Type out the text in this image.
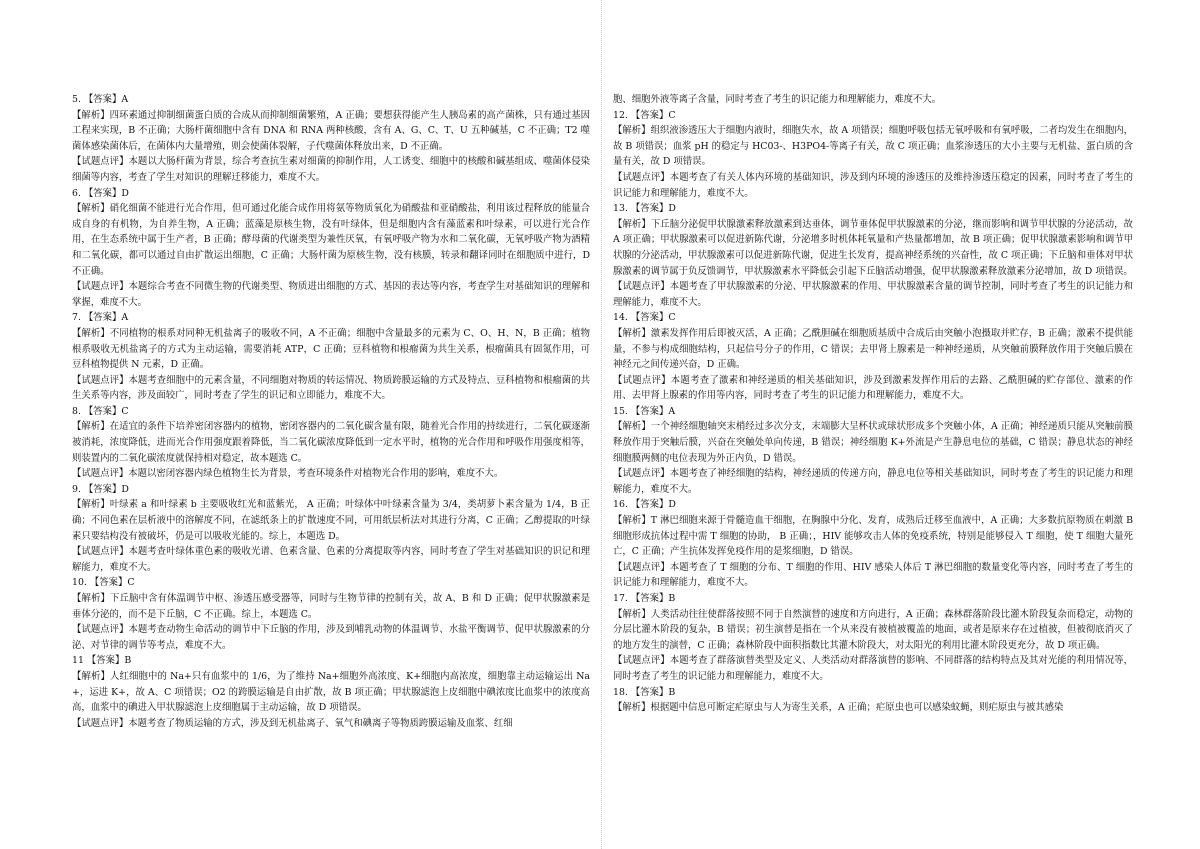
5. 【答案】A

【解析】四环素通过抑制细菌蛋白质的合成从而抑制细菌繁殖，A 正确；要想获得能产生人胰岛素的高产菌株，只有通过基因工程来实现，B 不正确；大肠杆菌细胞中含有 DNA 和 RNA 两种核酸，含有 A、G、C、T、U 五种碱基，C 不正确；T2 噬菌体感染菌体后，在菌体内大量增殖，则会使菌体裂解，子代噬菌体释放出来，D 不正确。

【试题点评】本题以大肠杆菌为背景，综合考查抗生素对细菌的抑制作用，人工诱变、细胞中的核酸和碱基组成、噬菌体侵染细菌等内容，考查了学生对知识的理解迁移能力，难度不大。

6. 【答案】D

【解析】硝化细菌不能进行光合作用，但可通过化能合成作用将氨等物质氧化为硝酸盐和亚硝酸盐，利用该过程释放的能量合成自身的有机物，为自养生物，A 正确；蓝藻是原核生物，没有叶绿体，但是细胞内含有藻蓝素和叶绿素，可以进行光合作用，在生态系统中属于生产者，B 正确；酵母菌的代谢类型为兼性厌氧，有氧呼吸产物为水和二氧化碳，无氧呼吸产物为酒精和二氧化碳，都可以通过自由扩散运出细胞，C 正确；大肠杆菌为原核生物，没有核膜，转录和翻译同时在细胞质中进行，D 不正确。

【试题点评】本题综合考查不同微生物的代谢类型、物质进出细胞的方式、基因的表达等内容，考查学生对基础知识的理解和掌握，难度不大。

7. 【答案】A

【解析】不同植物的根系对同种无机盐离子的吸收不同，A 不正确；细胞中含量最多的元素为 C、O、H、N，B 正确；植物根系吸收无机盐离子的方式为主动运输，需要消耗 ATP，C 正确；豆科植物和根瘤菌为共生关系，根瘤菌具有固氮作用，可豆科植物提供 N 元素，D 正确。

【试题点评】本题考查细胞中的元素含量，不同细胞对物质的转运情况、物质跨膜运输的方式及特点、豆科植物和根瘤菌的共生关系等内容，涉及面较广，同时考查了学生的识记和立即能力，难度不大。

8. 【答案】C

【解析】在适宜的条件下培养密闭容器内的植物，密闭容器内的二氧化碳含量有限，随着光合作用的持续进行，二氧化碳逐渐被消耗，浓度降低，进而光合作用强度跟着降低，当二氧化碳浓度降低到一定水平时，植物的光合作用和呼吸作用强度相等，则装置内的二氧化碳浓度就保持相对稳定，故本题选 C。

【试题点评】本题以密闭容器内绿色植物生长为背景，考查环境条件对植物光合作用的影响，难度不大。

9. 【答案】D

【解析】叶绿素 a 和叶绿素 b 主要吸收红光和蓝紫光， A 正确；叶绿体中叶绿素含量为 3/4，类胡萝卜素含量为 1/4，B 正确；不同色素在层析液中的溶解度不同，在滤纸条上的扩散速度不同，可用纸层析法对其进行分离，C 正确；乙醇提取的叶绿素只要结构没有被破坏，仍是可以吸收光能的。综上，本题选 D。

【试题点评】本题考查叶绿体重色素的吸收光谱、色素含量、色素的分离提取等内容，同时考查了学生对基础知识的识记和理解能力，难度不大。

10. 【答案】C

【解析】下丘脑中含有体温调节中枢、渗透压感受器等，同时与生物节律的控制有关，故 A、B 和 D 正确；促甲状腺激素是垂体分泌的，而不是下丘脑，C 不正确。综上，本题选 C。

【试题点评】本题考查动物生命活动的调节中下丘脑的作用，涉及到哺乳动物的体温调节、水盐平衡调节、促甲状腺激素的分泌、对节律的调节等考点，难度不大。

11 【答案】B

【解析】人红细胞中的 Na+只有血浆中的 1/6，为了维持 Na+细胞外高浓度、K+细胞内高浓度，细胞靠主动运输运出 Na+，运进 K+，故 A、C 项错误；O2 的跨膜运输是自由扩散，故 B 项正确；甲状腺滤泡上皮细胞中碘浓度比血浆中的浓度高高，血浆中的碘进入甲状腺滤泡上皮细胞属于主动运输，故 D 项错误。

【试题点评】本题考查了物质运输的方式，涉及到无机盐离子、氧气和碘离子等物质跨膜运输及血浆、红细

胞、细胞外液等离子含量，同时考查了考生的识记能力和理解能力，难度不大。

12. 【答案】C

【解析】组织液渗透压大于细胞内液时，细胞失水，故 A 项错误；细胞呼吸包括无氧呼吸和有氧呼吸，二者均发生在细胞内，故 B 项错误；血浆 pH 的稳定与 HC03-、H3PO4-等离子有关，故 C 项正确；血浆渗透压的大小主要与无机盐、蛋白质的含量有关，故 D 项错误。

【试题点评】本题考查了有关人体内环境的基础知识，涉及到内环境的渗透压的及维持渗透压稳定的因素，同时考查了考生的识记能力和理解能力，难度不大。

13. 【答案】D

【解析】下丘脑分泌促甲状腺激素释放激素到达垂体，调节垂体促甲状腺激素的分泌，继而影响和调节甲状腺的分泌活动，故 A 项正确；甲状腺激素可以促进新陈代谢，分泌增多时机体耗氧量和产热量都增加，故 B 项正确；促甲状腺激素影响和调节甲状腺的分泌活动，甲状腺激素可以促进新陈代谢，促进生长发育，提高神经系统的兴奋性，故 C 项正确；下丘脑和垂体对甲状腺激素的调节属于负反馈调节，甲状腺激素水平降低会引起下丘脑活动增强，促甲状腺激素释放激素分泌增加，故 D 项错误。

【试题点评】本题考查了甲状腺激素的分泌、甲状腺激素的作用、甲状腺激素含量的调节控制，同时考查了考生的识记能力和理解能力，难度不大。

14. 【答案】C

【解析】激素发挥作用后即被灭活，A 正确；乙酰胆碱在细胞质基质中合成后由突触小泡摄取并贮存，B 正确；激素不提供能量，不参与构成细胞结构，只起信号分子的作用，C 错误；去甲肾上腺素是一种神经递质，从突触前膜释放作用于突触后膜在神经元之间传递兴奋，D 正确。

【试题点评】本题考查了激素和神经递质的相关基础知识，涉及到激素发挥作用后的去路、乙酰胆碱的贮存部位、激素的作用、去甲肾上腺素的作用等内容，同时考查了考生的识记能力和理解能力，难度不大。

15. 【答案】A

【解析】一个神经细胞轴突末梢经过多次分支，末端膨大呈杯状或球状形成多个突触小体，A 正确；神经递质只能从突触前膜释放作用于突触后膜，兴奋在突触处单向传递，B 错误；神经细胞 K+外流是产生静息电位的基础，C 错误；静息状态的神经细胞膜两侧的电位表现为外正内负，D 错误。

【试题点评】本题考查了神经细胞的结构，神经递质的传递方向，静息电位等相关基础知识，同时考查了考生的识记能力和理解能力，难度不大。

16. 【答案】D

【解析】T 淋巴细胞来源于骨髓造血干细胞，在胸腺中分化、发育，成熟后迁移至血液中，A 正确；大多数抗原物质在刺激 B 细胞形成抗体过程中需 T 细胞的协助， B 正确；，HIV 能够攻击人体的免疫系统，特别是能够侵入 T 细胞，使 T 细胞大量死亡，C 正确；产生抗体发挥免疫作用的是浆细胞，D 错误。

【试题点评】本题考查了 T 细胞的分布、T 细胞的作用、HIV 感染人体后 T 淋巴细胞的数量变化等内容，同时考查了考生的识记能力和理解能力，难度不大。

17. 【答案】B

【解析】人类活动往往使群落按照不同于自然演替的速度和方向进行，A 正确；森林群落阶段比灌木阶段复杂而稳定，动物的分层比灌木阶段的复杂，B 错误；初生演替是指在一个从来没有被植被覆盖的地面，或者是原来存在过植被，但被彻底消灭了的地方发生的演替，C 正确；森林阶段中面积指数比其灌木阶段大，对太阳光的利用比灌木阶段更充分，故 D 项正确。

【试题点评】本题考查了群落演替类型及定义、人类活动对群落演替的影响、不同群落的结构特点及其对光能的利用情况等，同时考查了考生的识记能力和理解能力，难度不大。

18. 【答案】B

【解析】根据题中信息可断定疟原虫与人为寄生关系，A 正确；疟原虫也可以感染蚊蝇，则疟原虫与被其感染
